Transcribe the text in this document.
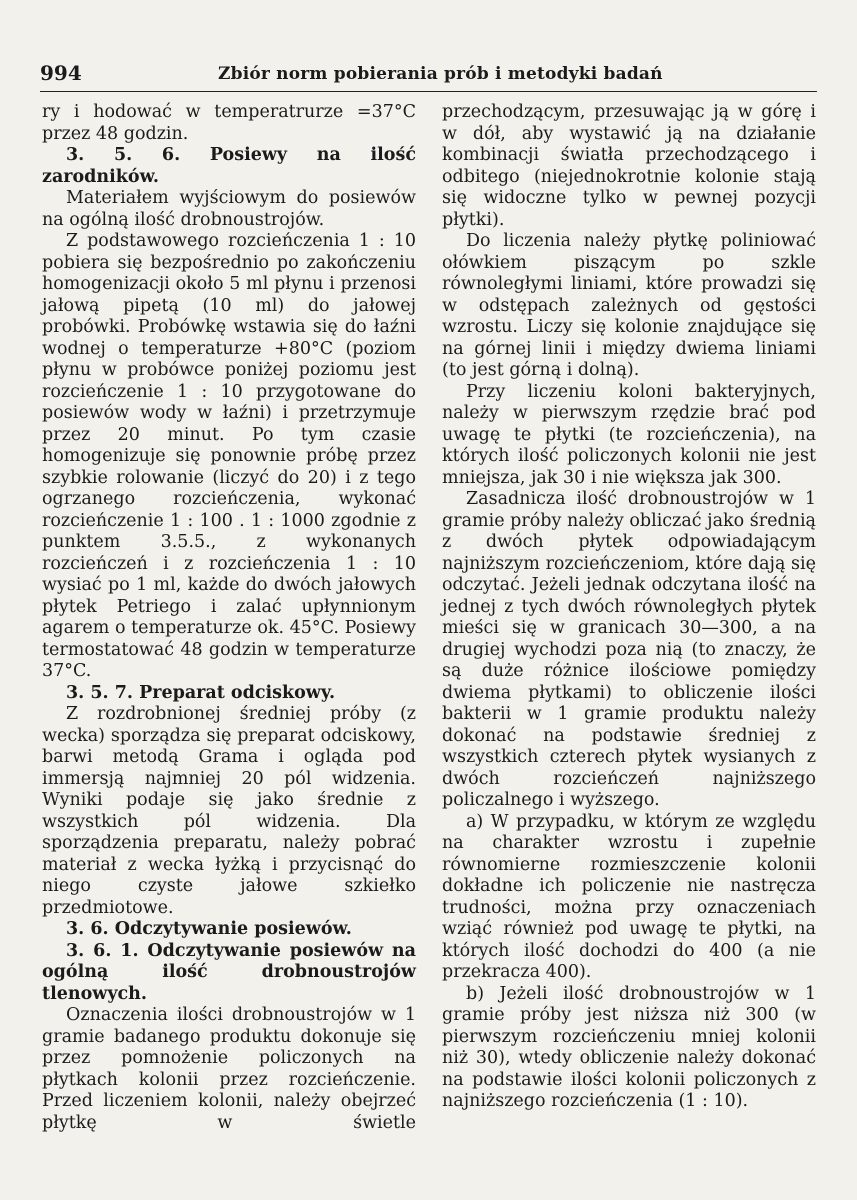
994	Zbiór norm pobierania prób i metodyki badań

ry i hodować w temperatrurze =37°C przez 48 godzin.

3. 5. 6. Posiewy na ilość zarodników.

Materiałem wyjściowym do posiewów na ogólną ilość drobnoustrojów.

Z podstawowego rozcieńczenia 1 : 10 pobiera się bezpośrednio po zakończeniu homogenizacji około 5 ml płynu i przenosi jałową pipetą (10 ml) do jałowej probówki. Probówkę wstawia się do łaźni wodnej o temperaturze +80°C (poziom płynu w probówce poniżej poziomu jest rozcieńczenie 1 : 10 przygotowane do posiewów wody w łaźni) i przetrzymuje przez 20 minut. Po tym czasie homogenizuje się ponownie próbę przez szybkie rolowanie (liczyć do 20) i z tego ogrzanego rozcieńczenia, wykonać rozcieńczenie 1 : 100 . 1 : 1000 zgodnie z punktem 3.5.5., z wykonanych rozcieńczeń i z rozcieńczenia 1 : 10 wysiać po 1 ml, każde do dwóch jałowych płytek Petriego i zalać upłynnionym agarem o temperaturze ok. 45°C. Posiewy termostatować 48 godzin w temperaturze 37°C.

3. 5. 7. Preparat odciskowy.

Z rozdrobnionej średniej próby (z wecka) sporządza się preparat odciskowy, barwi metodą Grama i ogląda pod immersją najmniej 20 pól widzenia. Wyniki podaje się jako średnie z wszystkich pól widzenia. Dla sporządzenia preparatu, należy pobrać materiał z wecka łyżką i przycisnąć do niego czyste jałowe szkiełko przedmiotowe.

3. 6. Odczytywanie posiewów.

3. 6. 1. Odczytywanie posiewów na ogólną ilość drobnoustrojów tlenowych.

Oznaczenia ilości drobnoustrojów w 1 gramie badanego produktu dokonuje się przez pomnożenie policzonych na płytkach kolonii przez rozcieńczenie. Przed liczeniem kolonii, należy obejrzeć płytkę w świetle

przechodzącym, przesuwając ją w górę i w dół, aby wystawić ją na działanie kombinacji światła przechodzącego i odbitego (niejednokrotnie kolonie stają się widoczne tylko w pewnej pozycji płytki).

Do liczenia należy płytkę poliniować ołówkiem piszącym po szkle równoległymi liniami, które prowadzi się w odstępach zależnych od gęstości wzrostu. Liczy się kolonie znajdujące się na górnej linii i między dwiema liniami (to jest górną i dolną).

Przy liczeniu koloni bakteryjnych, należy w pierwszym rzędzie brać pod uwagę te płytki (te rozcieńczenia), na których ilość policzonych kolonii nie jest mniejsza, jak 30 i nie większa jak 300.

Zasadnicza ilość drobnoustrojów w 1 gramie próby należy obliczać jako średnią z dwóch płytek odpowiadającym najniższym rozcieńczeniom, które dają się odczytać. Jeżeli jednak odczytana ilość na jednej z tych dwóch równoległych płytek mieści się w granicach 30—300, a na drugiej wychodzi poza nią (to znaczy, że są duże różnice ilościowe pomiędzy dwiema płytkami) to obliczenie ilości bakterii w 1 gramie produktu należy dokonać na podstawie średniej z wszystkich czterech płytek wysianych z dwóch rozcieńczeń najniższego policzalnego i wyższego.

a) W przypadku, w którym ze względu na charakter wzrostu i zupełnie równomierne rozmieszczenie kolonii dokładne ich policzenie nie nastręcza trudności, można przy oznaczeniach wziąć również pod uwagę te płytki, na których ilość dochodzi do 400 (a nie przekracza 400).

b) Jeżeli ilość drobnoustrojów w 1 gramie próby jest niższa niż 300 (w pierwszym rozcieńczeniu mniej kolonii niż 30), wtedy obliczenie należy dokonać na podstawie ilości kolonii policzonych z najniższego rozcieńczenia (1 : 10).
